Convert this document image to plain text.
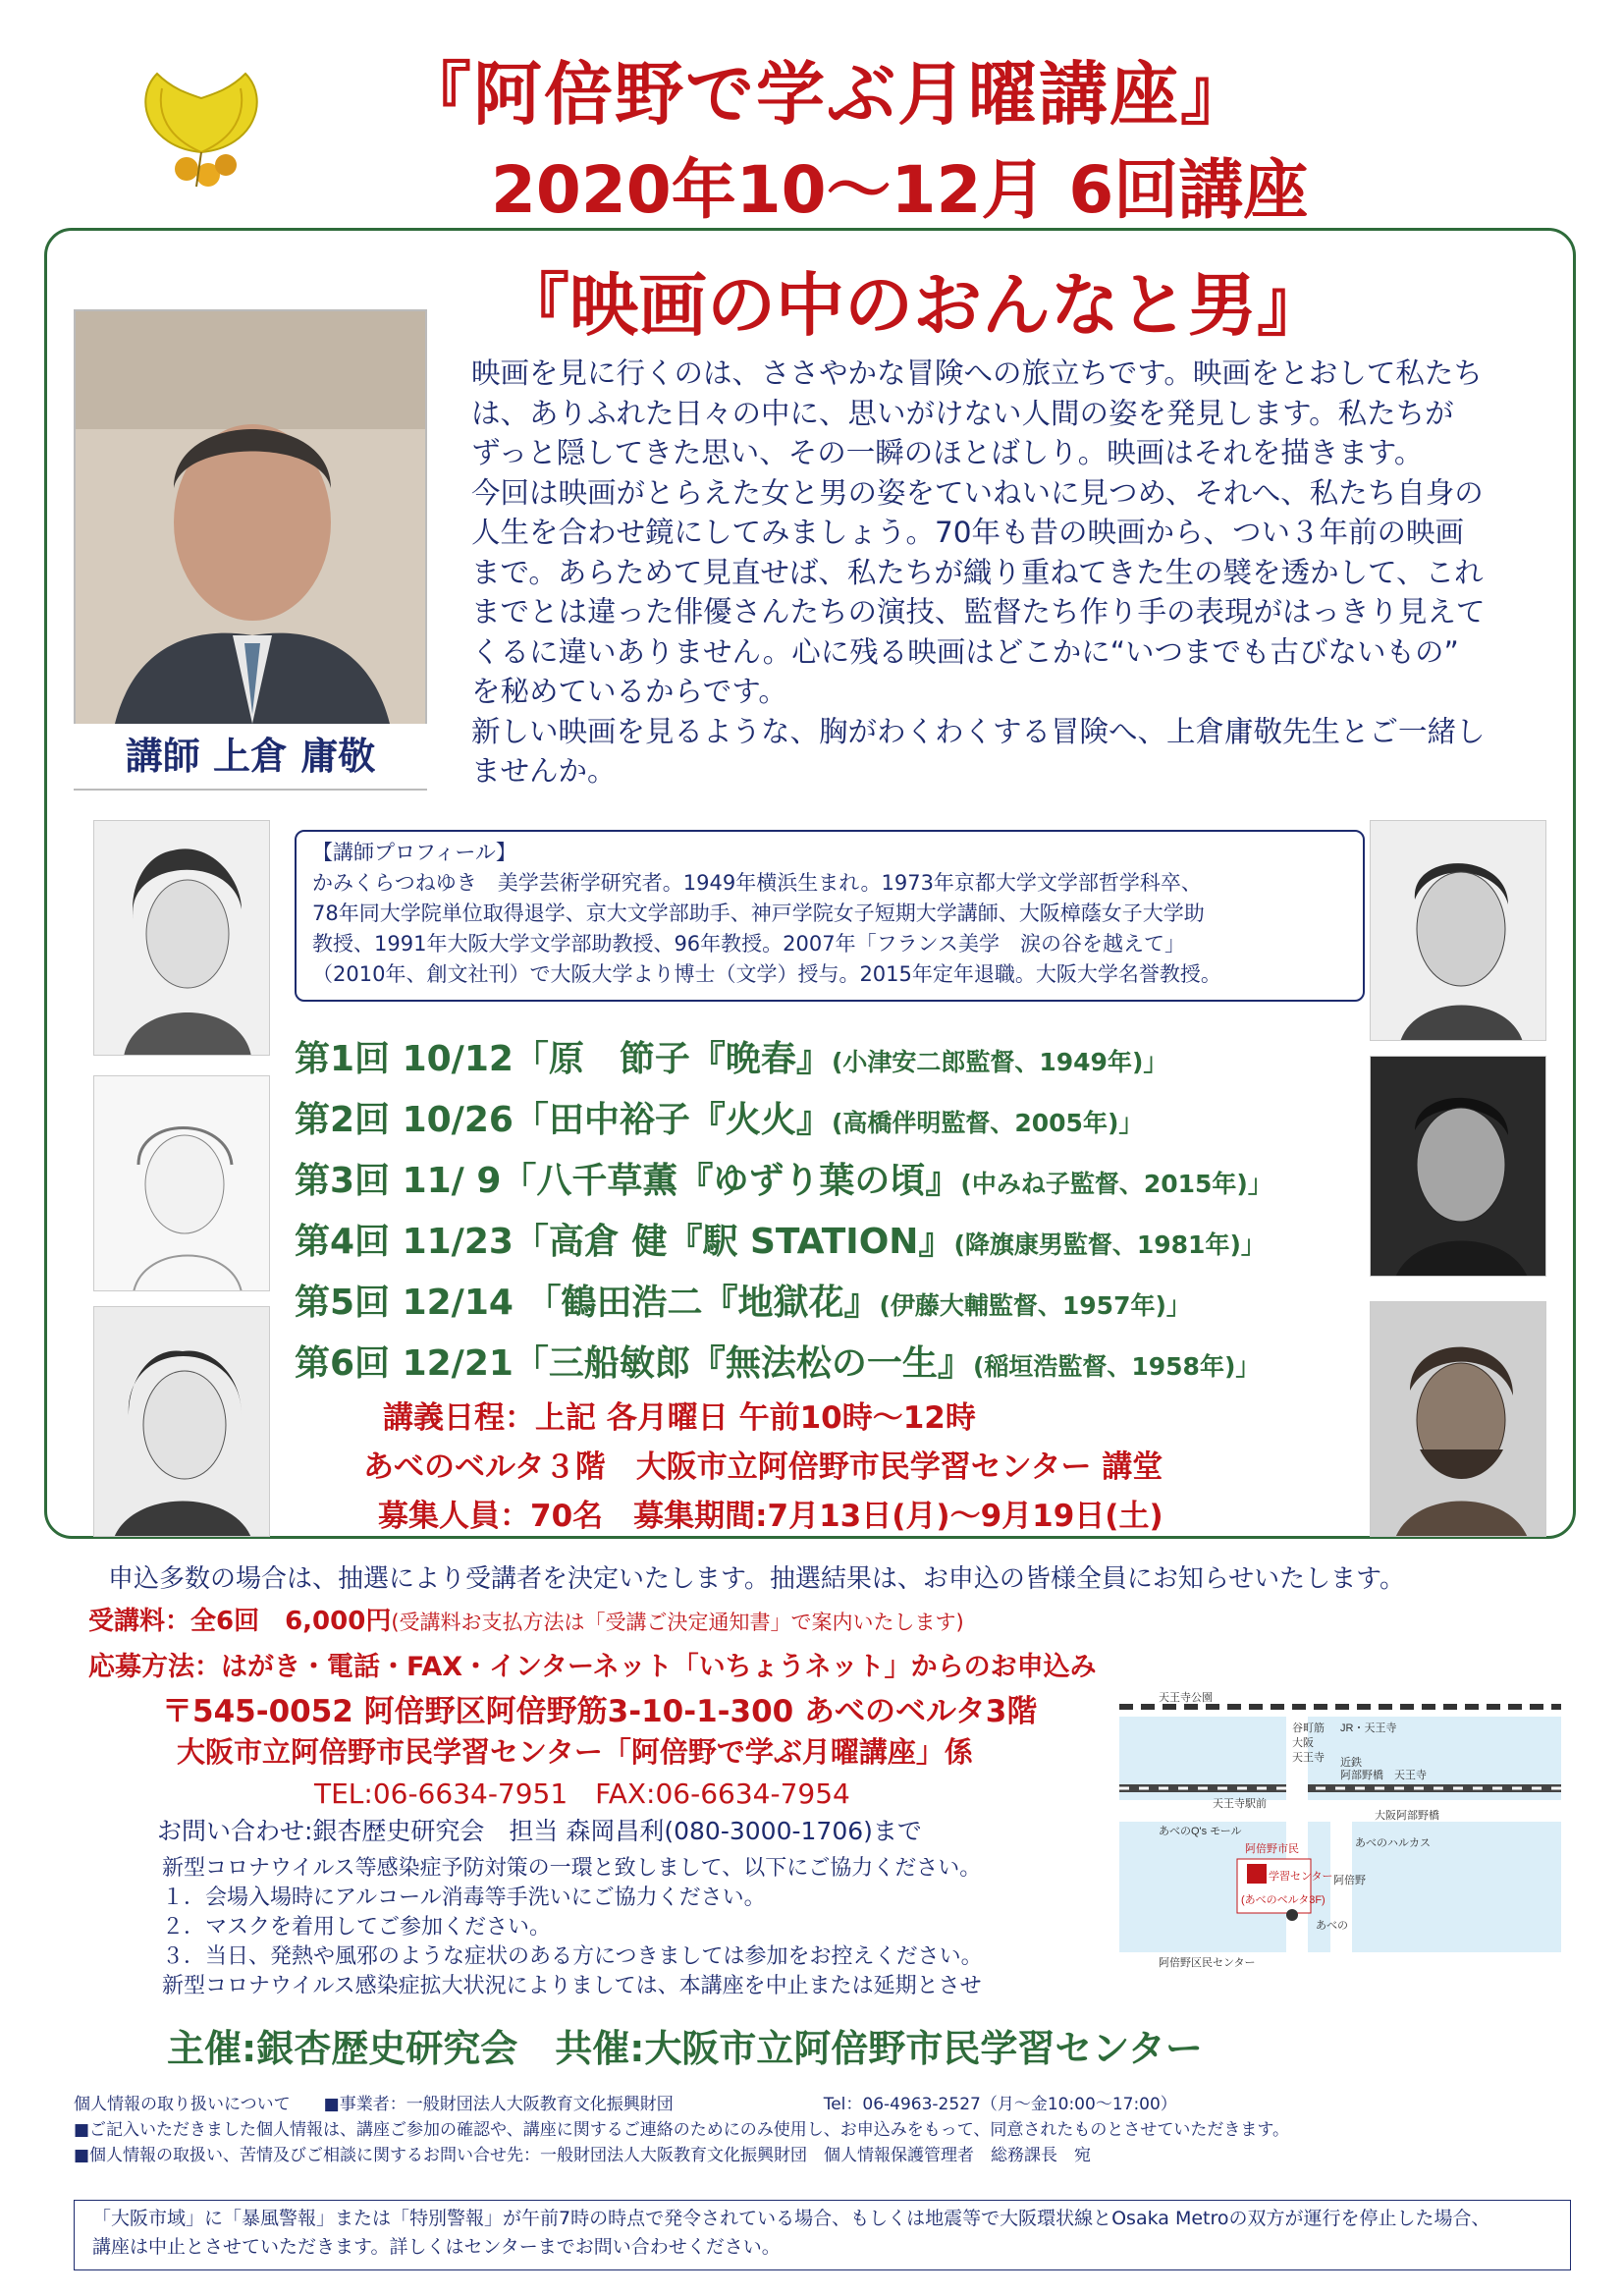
『阿倍野で学ぶ月曜講座』
2020年10～12月 6回講座
『映画の中のおんなと男』
講師 上倉 庸敬

映画を見に行くのは、ささやかな冒険への旅立ちです。映画をとおして私たち

は、ありふれた日々の中に、思いがけない人間の姿を発見します。私たちが

ずっと隠してきた思い、その一瞬のほとばしり。映画はそれを描きます。

今回は映画がとらえた女と男の姿をていねいに見つめ、それへ、私たち自身の

人生を合わせ鏡にしてみましょう。70年も昔の映画から、つい３年前の映画

まで。あらためて見直せば、私たちが織り重ねてきた生の襞を透かして、これ

までとは違った俳優さんたちの演技、監督たち作り手の表現がはっきり見えて

くるに違いありません。心に残る映画はどこかに“いつまでも古びないもの”

を秘めているからです。

新しい映画を見るような、胸がわくわくする冒険へ、上倉庸敬先生とご一緒し

ませんか。

【講師プロフィール】
かみくらつねゆき　美学芸術学研究者。1949年横浜生まれ。1973年京都大学文学部哲学科卒、
78年同大学院単位取得退学、京大文学部助手、神戸学院女子短期大学講師、大阪樟蔭女子大学助
教授、1991年大阪大学文学部助教授、96年教授。2007年「フランス美学　涙の谷を越えて」
（2010年、創文社刊）で大阪大学より博士（文学）授与。2015年定年退職。大阪大学名誉教授。
第1回 10/12「原　節子『晩春』(小津安二郎監督、1949年)」
第2回 10/26「田中裕子『火火』(高橋伴明監督、2005年)」
第3回 11/ 9「八千草薫『ゆずり葉の頃』(中みね子監督、2015年)」
第4回 11/23「高倉 健『駅 STATION』(降旗康男監督、1981年)」
第5回 12/14 「鶴田浩二『地獄花』(伊藤大輔監督、1957年)」
第6回 12/21「三船敏郎『無法松の一生』(稲垣浩監督、1958年)」
講義日程：上記 各月曜日 午前10時～12時
あべのベルタ３階　大阪市立阿倍野市民学習センター 講堂
募集人員：70名　募集期間:7月13日(月)～9月19日(土)
申込多数の場合は、抽選により受講者を決定いたします。抽選結果は、お申込の皆様全員にお知らせいたします。
受講料：全6回　6,000円(受講料お支払方法は「受講ご決定通知書」で案内いたします)
応募方法：はがき・電話・FAX・インターネット「いちょうネット」からのお申込み
〒545-0052 阿倍野区阿倍野筋3-10-1-300 あべのベルタ3階
大阪市立阿倍野市民学習センター「阿倍野で学ぶ月曜講座」係
TEL:06-6634-7951　FAX:06-6634-7954
お問い合わせ:銀杏歴史研究会　担当 森岡昌利(080-3000-1706)まで

新型コロナウイルス等感染症予防対策の一環と致しまして、以下にご協力ください。

１．会場入場時にアルコール消毒等手洗いにご協力ください。

２．マスクを着用してご参加ください。

３．当日、発熱や風邪のような症状のある方につきましては参加をお控えください。

新型コロナウイルス感染症拡大状況によりましては、本講座を中止または延期とさせ

天王寺公園
谷町筋
大阪
天王寺
JR・天王寺
近鉄
阿部野橋 天王寺
天王寺駅前
大阪阿部野橋
あべのQ's モール
あべのハルカス
阿倍野市民
学習センター
(あべのベルタ3F)
阿倍野
あべの
阿倍野区民センター
主催:銀杏歴史研究会　共催:大阪市立阿倍野市民学習センター

個人情報の取り扱いについて　　■事業者：一般財団法人大阪教育文化振興財団　　　　　　　　　Tel：06-4963-2527（月～金10:00～17:00）

■ご記入いただきました個人情報は、講座ご参加の確認や、講座に関するご連絡のためにのみ使用し、お申込みをもって、同意されたものとさせていただきます。

■個人情報の取扱い、苦情及びご相談に関するお問い合せ先：一般財団法人大阪教育文化振興財団　個人情報保護管理者　総務課長　宛

「大阪市域」に「暴風警報」または「特別警報」が午前7時の時点で発令されている場合、もしくは地震等で大阪環状線とOsaka Metroの双方が運行を停止した場合、

講座は中止とさせていただきます。詳しくはセンターまでお問い合わせください。
